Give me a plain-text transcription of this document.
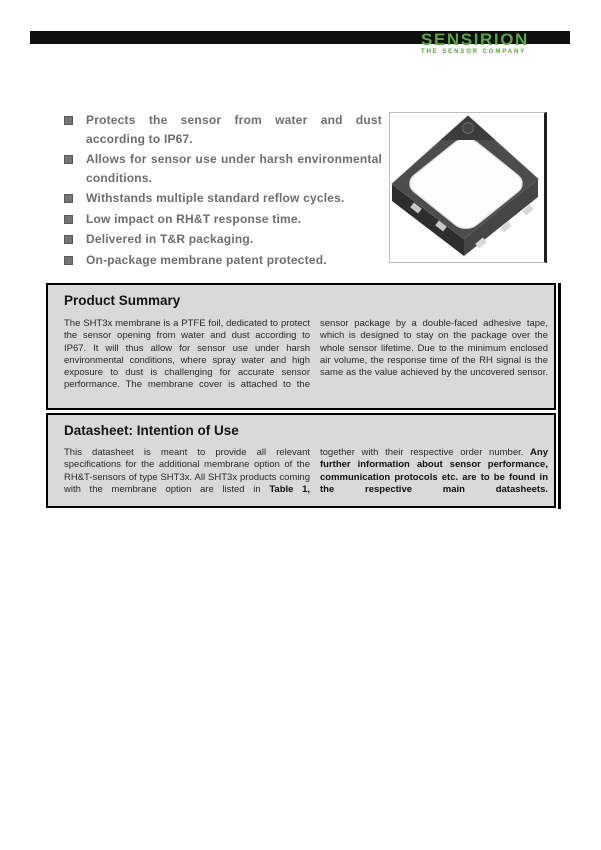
SENSIRION
THE SENSOR COMPANY
Protects the sensor from water and dust according to IP67.
Allows for sensor use under harsh environmental conditions.
Withstands multiple standard reflow cycles.
Low impact on RH&T response time.
Delivered in T&R packaging.
On-package membrane patent protected.
Product Summary
The SHT3x membrane is a PTFE foil, dedicated to protect the sensor opening from water and dust according to IP67. It will thus allow for sensor use under harsh environmental conditions, where spray water and high exposure to dust is challenging for accurate sensor performance. The membrane cover is attached to the
sensor package by a double-faced adhesive tape, which is designed to stay on the package over the whole sensor lifetime. Due to the minimum enclosed air volume, the response time of the RH signal is the same as the value achieved by the uncovered sensor.
Datasheet: Intention of Use
This datasheet is meant to provide all relevant specifications for the additional membrane option of the RH&T-sensors of type SHT3x. All SHT3x products coming with the membrane option are listed in Table 1,
together with their respective order number. Any further information about sensor performance, communication protocols etc. are to be found in the respective main datasheets.
